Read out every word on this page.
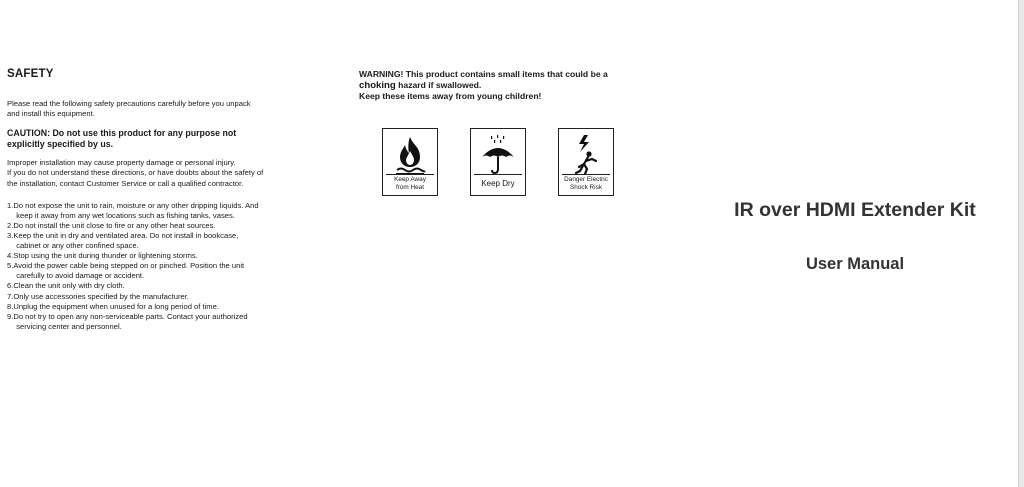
SAFETY

Please read the following safety precautions carefully before you unpack

and install this equipment.

CAUTION: Do not use this product for any purpose not
explicitly specified by us.

Improper installation may cause property damage or personal injury.

If you do not understand these directions, or have doubts about the safety of

the installation, contact Customer Service or call a qualified contractor.

1.Do not expose the unit to rain, moisture or any other dripping liquids. And
keep it away from any wet locations such as fishing tanks, vases.

2.Do not install the unit close to fire or any other heat sources.

3.Keep the unit in dry and ventilated area. Do not install in bookcase,
cabinet or any other confined space.

4.Stop using the unit during thunder or lightening storms.

5.Avoid the power cable being stepped on or pinched. Position the unit
carefully to avoid damage or accident.

6.Clean the unit only with dry cloth.

7.Only use accessories specified by the manufacturer.

8.Unplug the equipment when unused for a long period of time.

9.Do not try to open any non-serviceable parts. Contact your authorized
servicing center and personnel.

WARNING! This product contains small items that could be a
choking hazard if swallowed.
Keep these items away from young children!

Keep Away
from Heat	Keep Dry	Danger Electric
Shock Risk
IR over HDMI Extender Kit
User Manual
